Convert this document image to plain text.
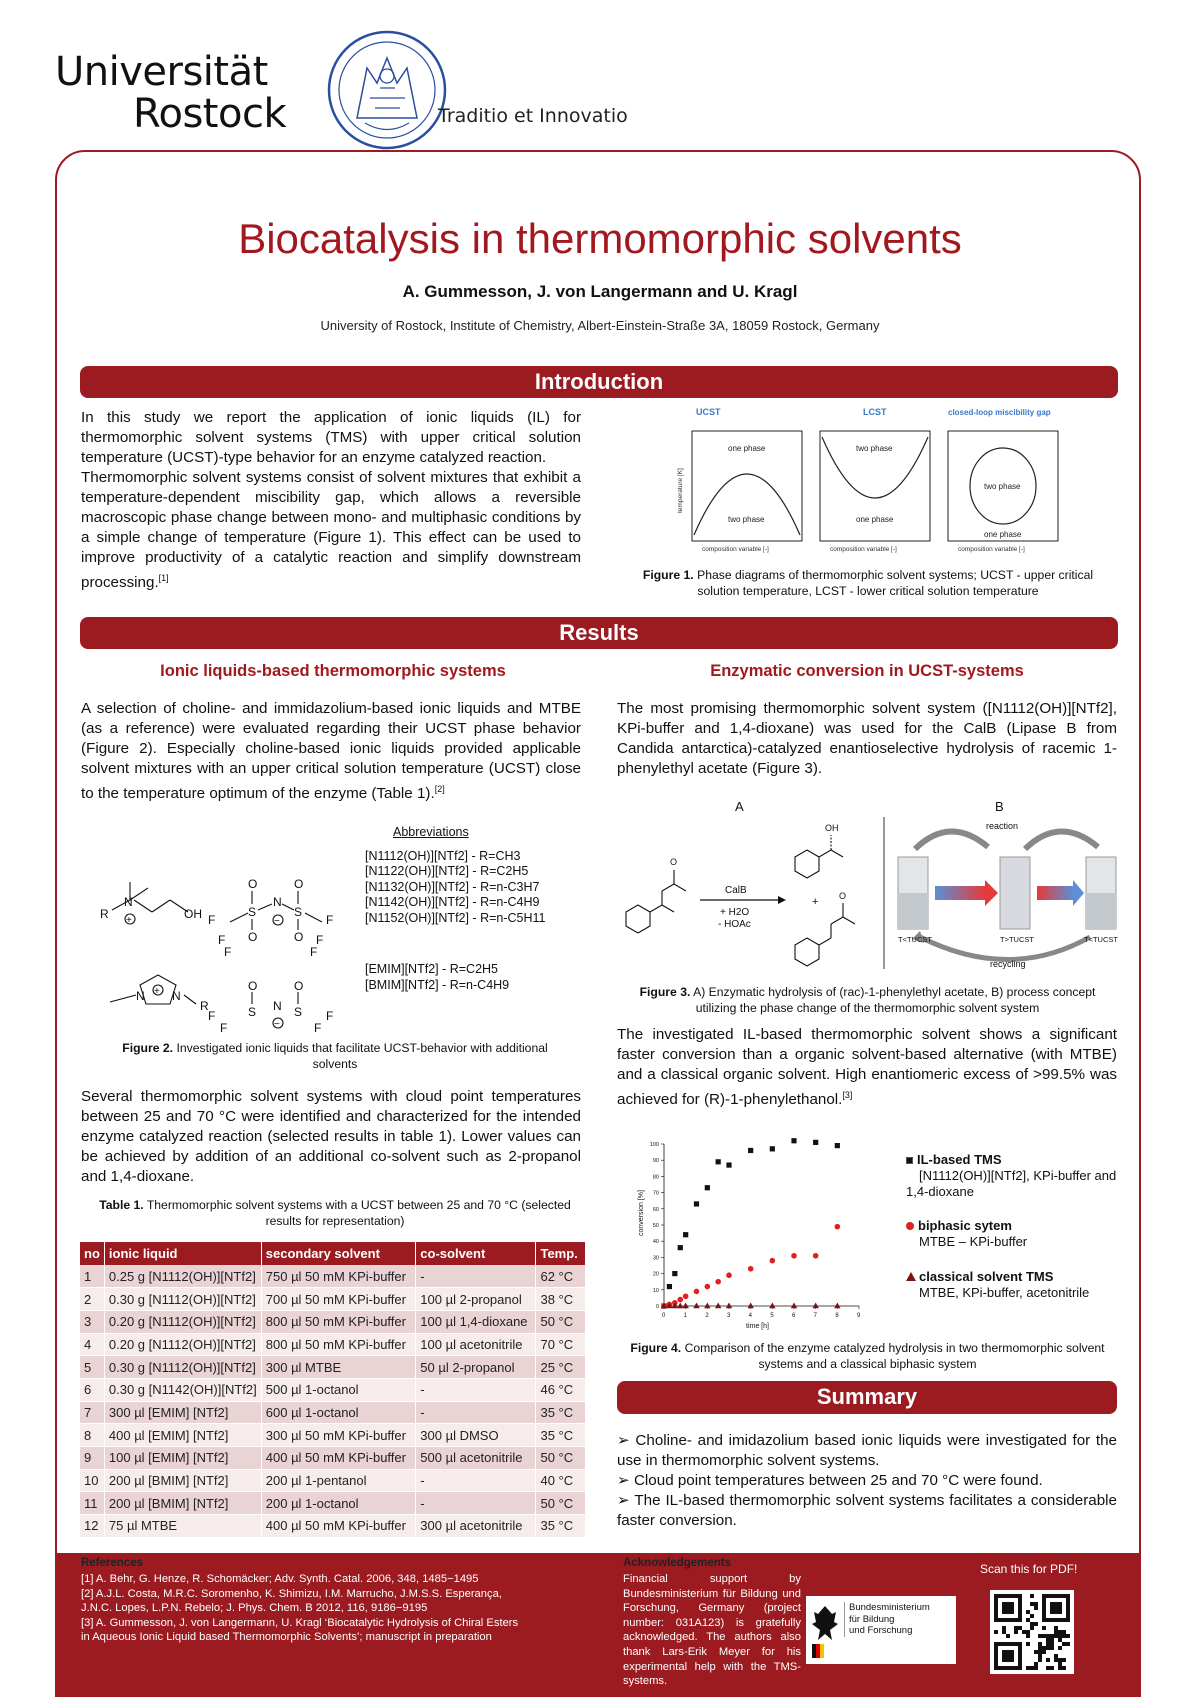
Universität
Rostock	Traditio et Innovatio
Biocatalysis in thermomorphic solvents
A. Gummesson, J. von Langermann and U. Kragl
University of Rostock, Institute of Chemistry, Albert-Einstein-Straße 3A, 18059 Rostock, Germany
Introduction
In this study we report the application of ionic liquids (IL) for thermomorphic solvent systems (TMS) with upper critical solution temperature (UCST)-type behavior for an enzyme catalyzed reaction.
Thermomorphic solvent systems consist of solvent mixtures that exhibit a temperature-dependent miscibility gap, which allows a reversible macroscopic phase change between mono- and multiphasic conditions by a simple change of temperature (Figure 1). This effect can be used to improve productivity of a catalytic reaction and simplify downstream processing.[1]
UCST	LCST	closed-loop miscibility gap
temperature [K]
one phase
two phase
composition variable [-]
two phase
one phase
composition variable [-]
two phase
one phase
composition variable [-]
Figure 1. Phase diagrams of thermomorphic solvent systems; UCST - upper critical solution temperature, LCST - lower critical solution temperature
Results
Ionic liquids-based thermomorphic systems
A selection of choline- and immidazolium-based ionic liquids and MTBE (as a reference) were evaluated regarding their UCST phase behavior (Figure 2). Especially choline-based ionic liquids provided applicable solvent mixtures with an upper critical solution temperature (UCST) close to the temperature optimum of the enzyme (Table 1).[2]
R
N
+	OH
O
S
O
N
−
O
S
O
F
F
F
F
F
F
+
N N
R
O
S N
−
O
S
F	F
F	F
Abbreviations
[N1112(OH)][NTf2] - R=CH3
[N1122(OH)][NTf2] - R=C2H5
[N1132(OH)][NTf2] - R=n-C3H7
[N1142(OH)][NTf2] - R=n-C4H9
[N1152(OH)][NTf2] - R=n-C5H11
[EMIM][NTf2] - R=C2H5
[BMIM][NTf2] - R=n-C4H9
Figure 2. Investigated ionic liquids that facilitate UCST-behavior with additional solvents
Several thermomorphic solvent systems with cloud point temperatures between 25 and 70 °C were identified and characterized for the intended enzyme catalyzed reaction (selected results in table 1). Lower values can be achieved by addition of an additional co-solvent such as 2-propanol and 1,4-dioxane.
Table 1. Thermomorphic solvent systems with a UCST between 25 and 70 °C (selected results for representation)
no	ionic liquid	secondary solvent	co-solvent	Temp.
1	0.25 g [N1112(OH)][NTf2]	750 µl 50 mM KPi-buffer	-	62 °C
2	0.30 g [N1112(OH)][NTf2]	700 µl 50 mM KPi-buffer	100 µl 2-propanol	38 °C
3	0.20 g [N1112(OH)][NTf2]	800 µl 50 mM KPi-buffer	100 µl 1,4-dioxane	50 °C
4	0.20 g [N1112(OH)][NTf2]	800 µl 50 mM KPi-buffer	100 µl acetonitrile	70 °C
5	0.30 g [N1112(OH)][NTf2]	300 µl MTBE	50 µl 2-propanol	25 °C
6	0.30 g [N1142(OH)][NTf2]	500 µl 1-octanol	-	46 °C
7	300 µl [EMIM] [NTf2]	600 µl 1-octanol	-	35 °C
8	400 µl [EMIM] [NTf2]	300 µl 50 mM KPi-buffer	300 µl DMSO	35 °C
9	100 µl [EMIM] [NTf2]	400 µl 50 mM KPi-buffer	500 µl acetonitrile	50 °C
10	200 µl [BMIM] [NTf2]	200 µl 1-pentanol	-	40 °C
11	200 µl [BMIM] [NTf2]	200 µl 1-octanol	-	50 °C
12	75 µl MTBE	400 µl 50 mM KPi-buffer	300 µl acetonitrile	35 °C
Enzymatic conversion in UCST-systems
The most promising thermomorphic solvent system ([N1112(OH)][NTf2], KPi-buffer and 1,4-dioxane) was used for the CalB (Lipase B from Candida antarctica)-catalyzed enantioselective hydrolysis of racemic 1-phenylethyl acetate (Figure 3).
A	B
O
CalB
+ H2O
- HOAc
OH
+ O
reaction
recycling
T<TUCST	T>TUCST	T<TUCST
Figure 3. A) Enzymatic hydrolysis of (rac)-1-phenylethyl acetate, B) process concept utilizing the phase change of the thermomorphic solvent system
The investigated IL-based thermomorphic solvent shows a significant faster conversion than a organic solvent-based alternative (with MTBE) and a classical organic solvent. High enantiomeric excess of >99.5% was achieved for (R)-1-phenylethanol.[3]
0	1	2	3	4	5	6	7	8	9
0
10
20
30
40
50
60
70
80
90
100
time [h]
conversion [%]
IL-based TMS
[N1112(OH)][NTf2], KPi-buffer and 1,4-dioxane
biphasic sytem
MTBE – KPi-buffer
classical solvent TMS
MTBE, KPi-buffer, acetonitrile
Figure 4. Comparison of the enzyme catalyzed hydrolysis in two thermomorphic solvent systems and a classical biphasic system
Summary
➢ Choline- and imidazolium based ionic liquids were investigated for the use in thermomorphic solvent systems.
➢ Cloud point temperatures between 25 and 70 °C were found.
➢ The IL-based thermomorphic solvent systems facilitates a considerable faster conversion.
References
[1] A. Behr, G. Henze, R. Schomäcker; Adv. Synth. Catal. 2006, 348, 1485−1495
[2] A.J.L. Costa, M.R.C. Soromenho, K. Shimizu, I.M. Marrucho, J.M.S.S. Esperança,
J.N.C. Lopes, L.P.N. Rebelo; J. Phys. Chem. B 2012, 116, 9186−9195
[3] A. Gummesson, J. von Langermann, U. Kragl ‘Biocatalytic Hydrolysis of Chiral Esters
in Aqueous Ionic Liquid based Thermomorphic Solvents’; manuscript in preparation
Acknowledgements
Financial support by Bundesministerium für Bildung und Forschung, Germany (project number: 031A123) is gratefully acknowledged. The authors also thank Lars-Erik Meyer for his experimental help with the TMS-systems.
Bundesministerium
für Bildung
und Forschung
Scan this for PDF!
